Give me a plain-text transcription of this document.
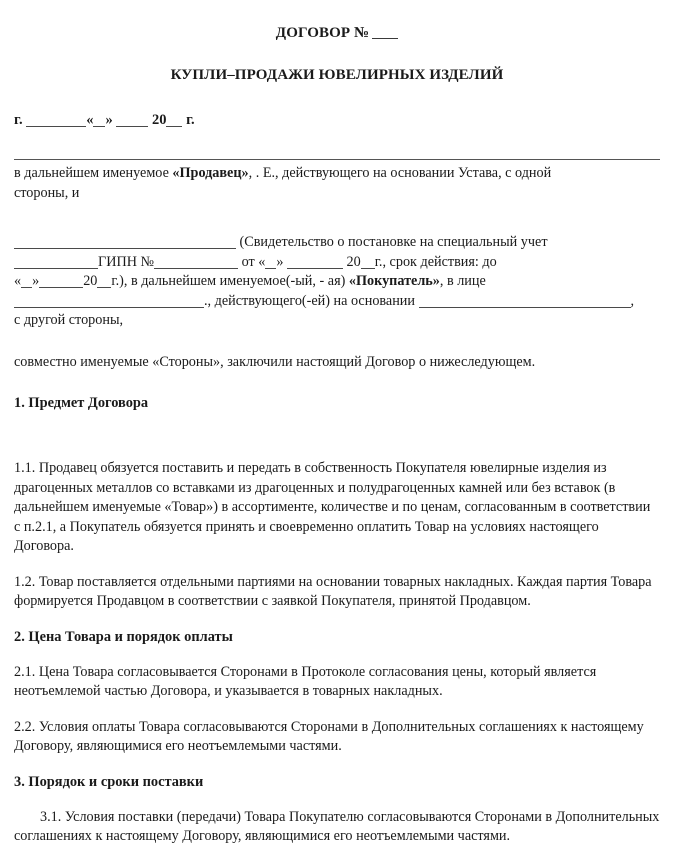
ДОГОВОР №
КУПЛИ–ПРОДАЖИ ЮВЕЛИРНЫХ ИЗДЕЛИЙ

г.	« »	20 г.

в дальнейшем именуемое «Продавец», . Е., действующего на основании Устава, с одной
стороны, и

(Свидетельство о постановке на специальный учет
ГИПН №	от « »	20 г., срок действия: до
« »	20 г.), в дальнейшем именуемое(-ый, - ая) «Покупатель», в лице
., действующего(-ей) на основании	,
с другой стороны,

совместно именуемые «Стороны», заключили настоящий Договор о нижеследующем.

1. Предмет Договора

1.1. Продавец обязуется поставить и передать в собственность Покупателя ювелирные изделия из драгоценных металлов со вставками из драгоценных и полудрагоценных камней или без вставок (в дальнейшем именуемые «Товар») в ассортименте, количестве и по ценам, согласованным в соответствии с п.2.1, а Покупатель обязуется принять и своевременно оплатить Товар на условиях настоящего Договора.

1.2. Товар поставляется отдельными партиями на основании товарных накладных. Каждая партия Товара формируется Продавцом в соответствии с заявкой Покупателя, принятой Продавцом.

2. Цена Товара и порядок оплаты

2.1. Цена Товара согласовывается Сторонами в Протоколе согласования цены, который является неотъемлемой частью Договора, и указывается в товарных накладных.

2.2. Условия оплаты Товара согласовываются Сторонами в Дополнительных соглашениях к настоящему Договору, являющимися его неотъемлемыми частями.

3. Порядок и сроки поставки

3.1. Условия поставки (передачи) Товара Покупателю согласовываются Сторонами в Дополнительных соглашениях к настоящему Договору, являющимися его неотъемлемыми частями.
